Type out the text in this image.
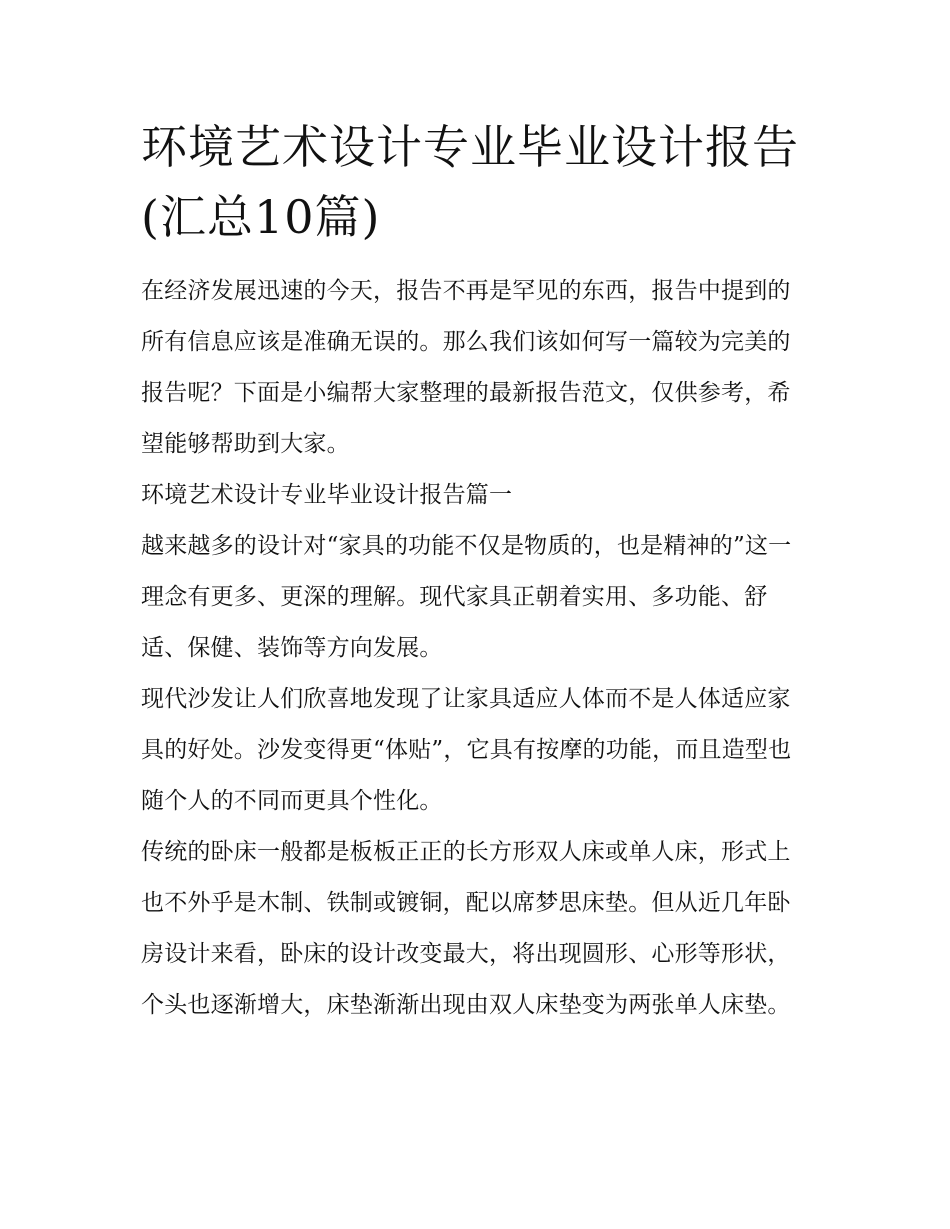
环境艺术设计专业毕业设计报告(汇总10篇)

在经济发展迅速的今天，报告不再是罕见的东西，报告中提到的所有信息应该是准确无误的。那么我们该如何写一篇较为完美的报告呢？下面是小编帮大家整理的最新报告范文，仅供参考，希望能够帮助到大家。

环境艺术设计专业毕业设计报告篇一

越来越多的设计对“家具的功能不仅是物质的，也是精神的”这一理念有更多、更深的理解。现代家具正朝着实用、多功能、舒适、保健、装饰等方向发展。

现代沙发让人们欣喜地发现了让家具适应人体而不是人体适应家具的好处。沙发变得更“体贴”，它具有按摩的功能，而且造型也随个人的不同而更具个性化。

传统的卧床一般都是板板正正的长方形双人床或单人床，形式上也不外乎是木制、铁制或镀铜，配以席梦思床垫。但从近几年卧房设计来看，卧床的设计改变最大，将出现圆形、心形等形状，个头也逐渐增大，床垫渐渐出现由双人床垫变为两张单人床垫。
